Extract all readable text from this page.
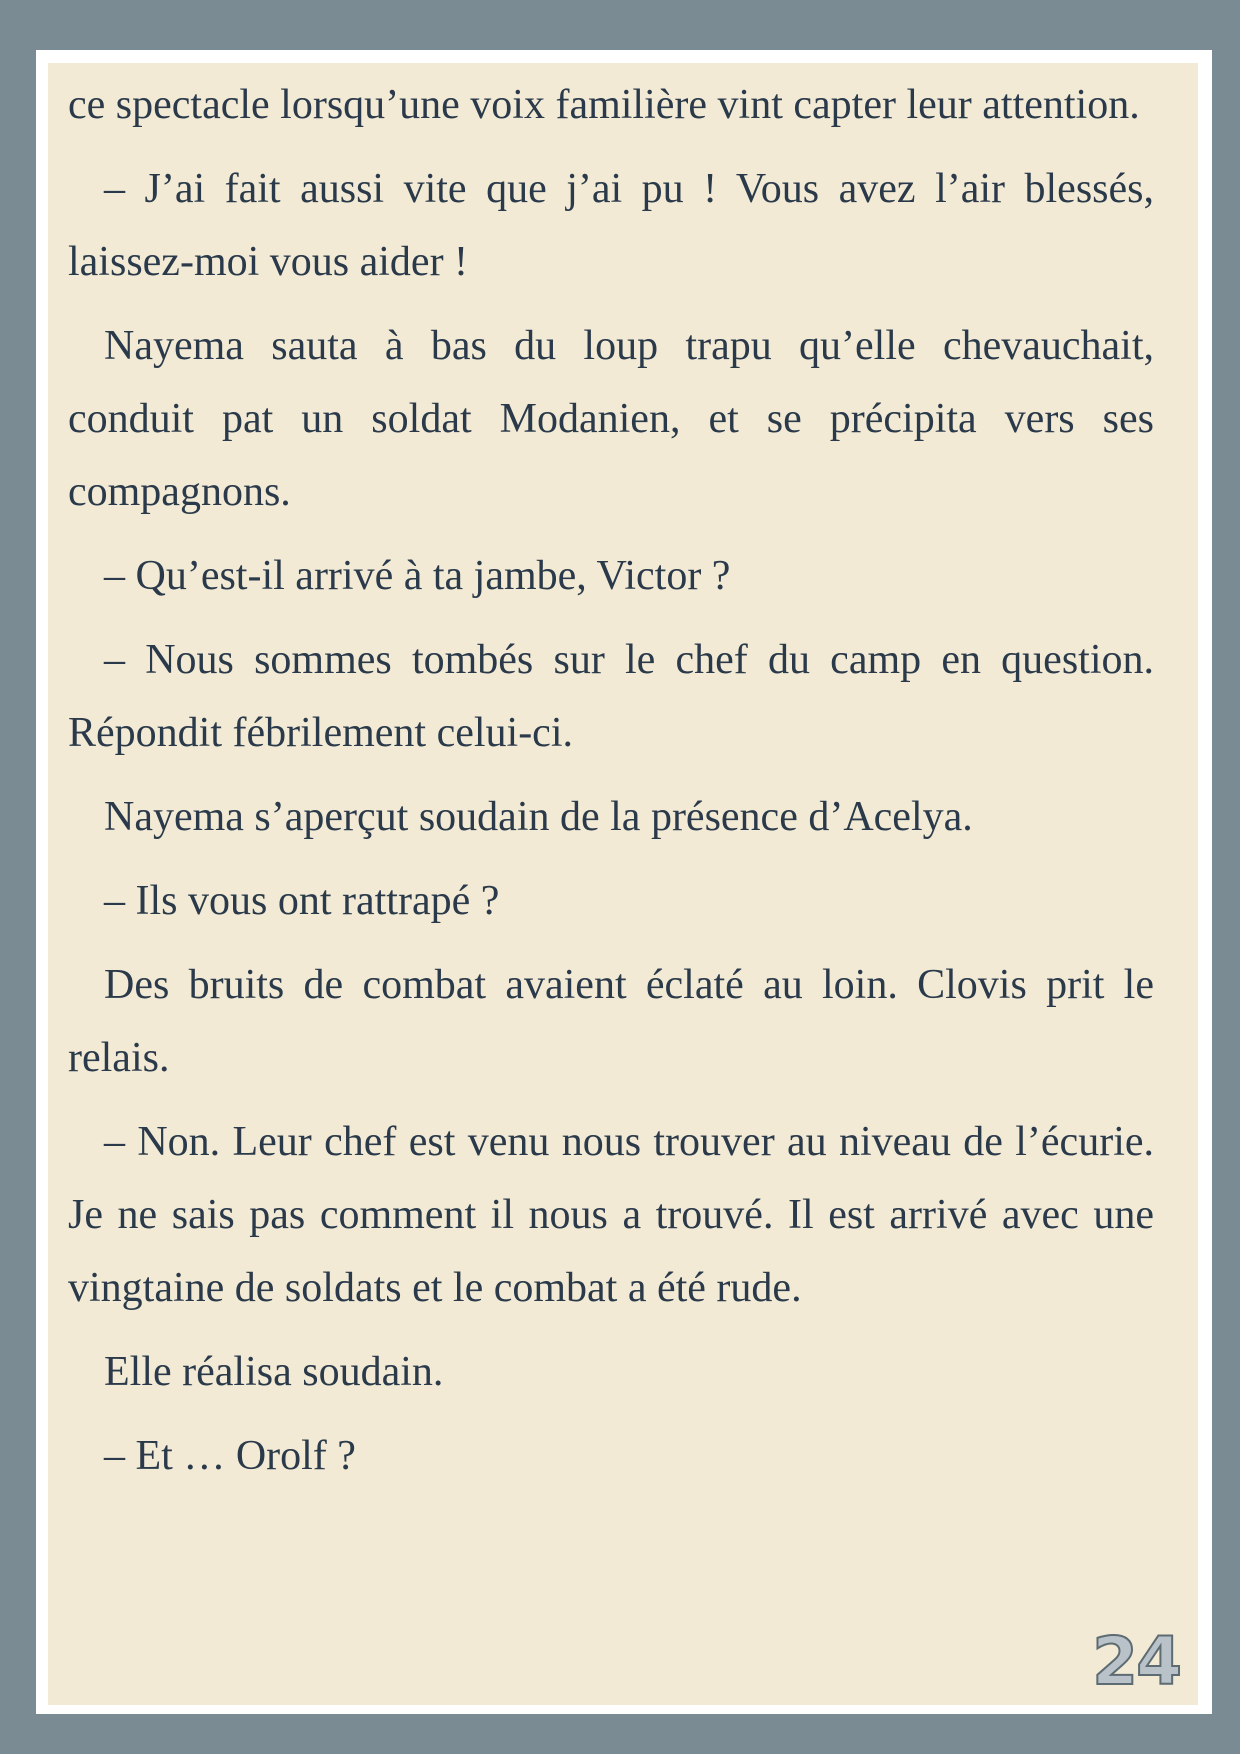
ce spectacle lorsqu’une voix familière vint capter leur attention.

– J’ai fait aussi vite que j’ai pu ! Vous avez l’air blessés, laissez-moi vous aider !

Nayema sauta à bas du loup trapu qu’elle chevauchait, conduit pat un soldat Modanien, et se précipita vers ses compagnons.

– Qu’est-il arrivé à ta jambe, Victor ?

– Nous sommes tombés sur le chef du camp en question. Répondit fébrilement celui-ci.

Nayema s’aperçut soudain de la présence d’Acelya.

– Ils vous ont rattrapé ?

Des bruits de combat avaient éclaté au loin. Clovis prit le relais.

– Non. Leur chef est venu nous trouver au niveau de l’écurie. Je ne sais pas comment il nous a trouvé. Il est arrivé avec une vingtaine de soldats et le combat a été rude.

Elle réalisa soudain.

– Et … Orolf ?

24
